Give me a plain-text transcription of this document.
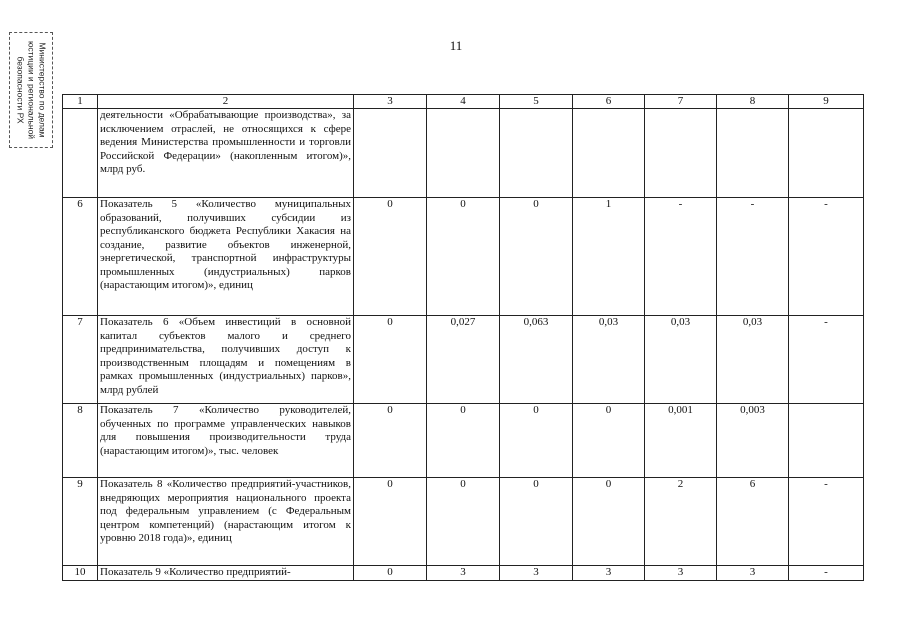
11
Министерство по делам
юстиции и региональной
безопасности РХ	1	2	3	4	5	6	7	8	9
	деятельности «Обрабатывающие производства», за исключением отраслей, не относящихся к сфере ведения Министерства промышленности и торговли Российской Федерации» (накопленным итогом)», млрд руб.							
6	Показатель 5 «Количество муниципальных образований, получивших субсидии из республиканского бюджета Республики Хакасия на создание, развитие объектов инженерной, энергетической, транспортной инфраструктуры промышленных (индустриальных) парков (нарастающим итогом)», единиц	0	0	0	1	-	-	-
7	Показатель 6 «Объем инвестиций в основной капитал субъектов малого и среднего предпринимательства, получивших доступ к производственным площадям и помещениям в рамках промышленных (индустриальных) парков», млрд рублей	0	0,027	0,063	0,03	0,03	0,03	-
8	Показатель 7 «Количество руководителей, обученных по программе управленческих навыков для повышения производительности труда (нарастающим итогом)», тыс. человек	0	0	0	0	0,001	0,003	
9	Показатель 8 «Количество предприятий-участников, внедряющих мероприятия национального проекта под федеральным управлением (с Федеральным центром компетенций) (нарастающим итогом к уровню 2018 года)», единиц	0	0	0	0	2	6	-
10	Показатель 9 «Количество предприятий-	0	3	3	3	3	3	-
